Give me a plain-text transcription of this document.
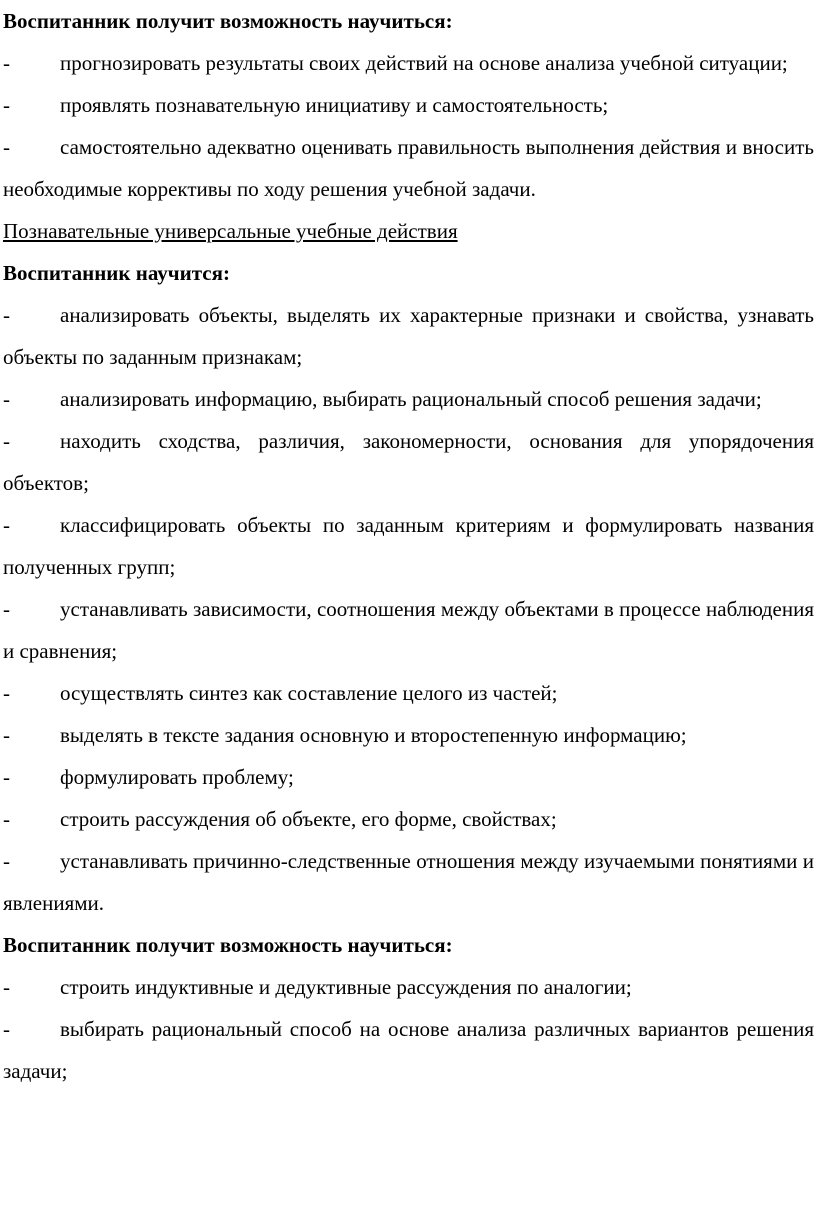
Воспитанник получит возможность научиться:
- прогнозировать результаты своих действий на основе анализа учебной ситуации;
- проявлять познавательную инициативу и самостоятельность;
- самостоятельно адекватно оценивать правильность выполнения действия и вносить необходимые коррективы по ходу решения учебной задачи.
Познавательные универсальные учебные действия
Воспитанник научится:
- анализировать объекты, выделять их характерные признаки и свойства, узнавать объекты по заданным признакам;
- анализировать информацию, выбирать рациональный способ решения задачи;
- находить сходства, различия, закономерности, основания для упорядочения объектов;
- классифицировать объекты по заданным критериям и формулировать названия полученных групп;
- устанавливать зависимости, соотношения между объектами в процессе наблюдения и сравнения;
- осуществлять синтез как составление целого из частей;
- выделять в тексте задания основную и второстепенную информацию;
- формулировать проблему;
- строить рассуждения об объекте, его форме, свойствах;
- устанавливать причинно-следственные отношения между изучаемыми понятиями и явлениями.
Воспитанник получит возможность научиться:
- строить индуктивные и дедуктивные рассуждения по аналогии;
- выбирать рациональный способ на основе анализа различных вариантов решения задачи;
